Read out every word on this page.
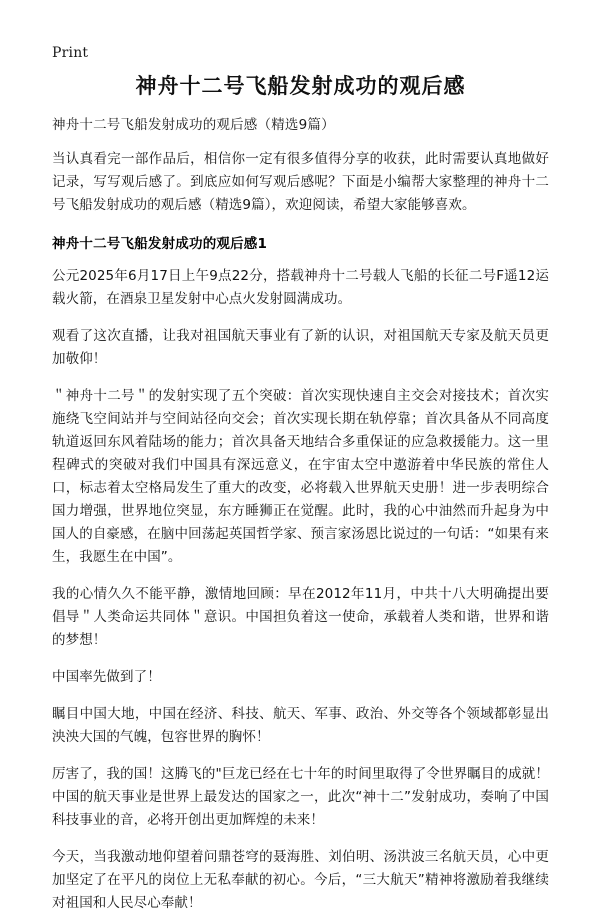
Print
神舟十二号飞船发射成功的观后感
神舟十二号飞船发射成功的观后感（精选9篇）

当认真看完一部作品后，相信你一定有很多值得分享的收获，此时需要认真地做好记录，写写观后感了。到底应如何写观后感呢？下面是小编帮大家整理的神舟十二号飞船发射成功的观后感（精选9篇），欢迎阅读，希望大家能够喜欢。

神舟十二号飞船发射成功的观后感1

公元2025年6月17日上午9点22分，搭载神舟十二号载人飞船的长征二号F遥12运载火箭，在酒泉卫星发射中心点火发射圆满成功。

观看了这次直播，让我对祖国航天事业有了新的认识，对祖国航天专家及航天员更加敬仰！

＂神舟十二号＂的发射实现了五个突破：首次实现快速自主交会对接技术；首次实施绕飞空间站并与空间站径向交会；首次实现长期在轨停靠；首次具备从不同高度轨道返回东风着陆场的能力；首次具备天地结合多重保证的应急救援能力。这一里程碑式的突破对我们中国具有深远意义，在宇宙太空中遨游着中华民族的常住人口，标志着太空格局发生了重大的改变，必将载入世界航天史册！进一步表明综合国力增强，世界地位突显，东方睡狮正在觉醒。此时，我的心中油然而升起身为中国人的自豪感，在脑中回荡起英国哲学家、预言家汤恩比说过的一句话：“如果有来生，我愿生在中国”。

我的心情久久不能平静，激情地回顾：早在2012年11月，中共十八大明确提出要倡导＂人类命运共同体＂意识。中国担负着这一使命，承载着人类和谐，世界和谐的梦想！

中国率先做到了！

瞩目中国大地，中国在经济、科技、航天、军事、政治、外交等各个领域都彰显出泱泱大国的气魄，包容世界的胸怀！

厉害了，我的国！这腾飞的"巨龙已经在七十年的时间里取得了令世界瞩目的成就！中国的航天事业是世界上最发达的国家之一，此次“神十二”发射成功，奏响了中国科技事业的音，必将开创出更加辉煌的未来！

今天，当我激动地仰望着问鼎苍穹的聂海胜、刘伯明、汤洪波三名航天员，心中更加坚定了在平凡的岗位上无私奉献的初心。今后，“三大航天”精神将激励着我继续对祖国和人民尽心奉献！
